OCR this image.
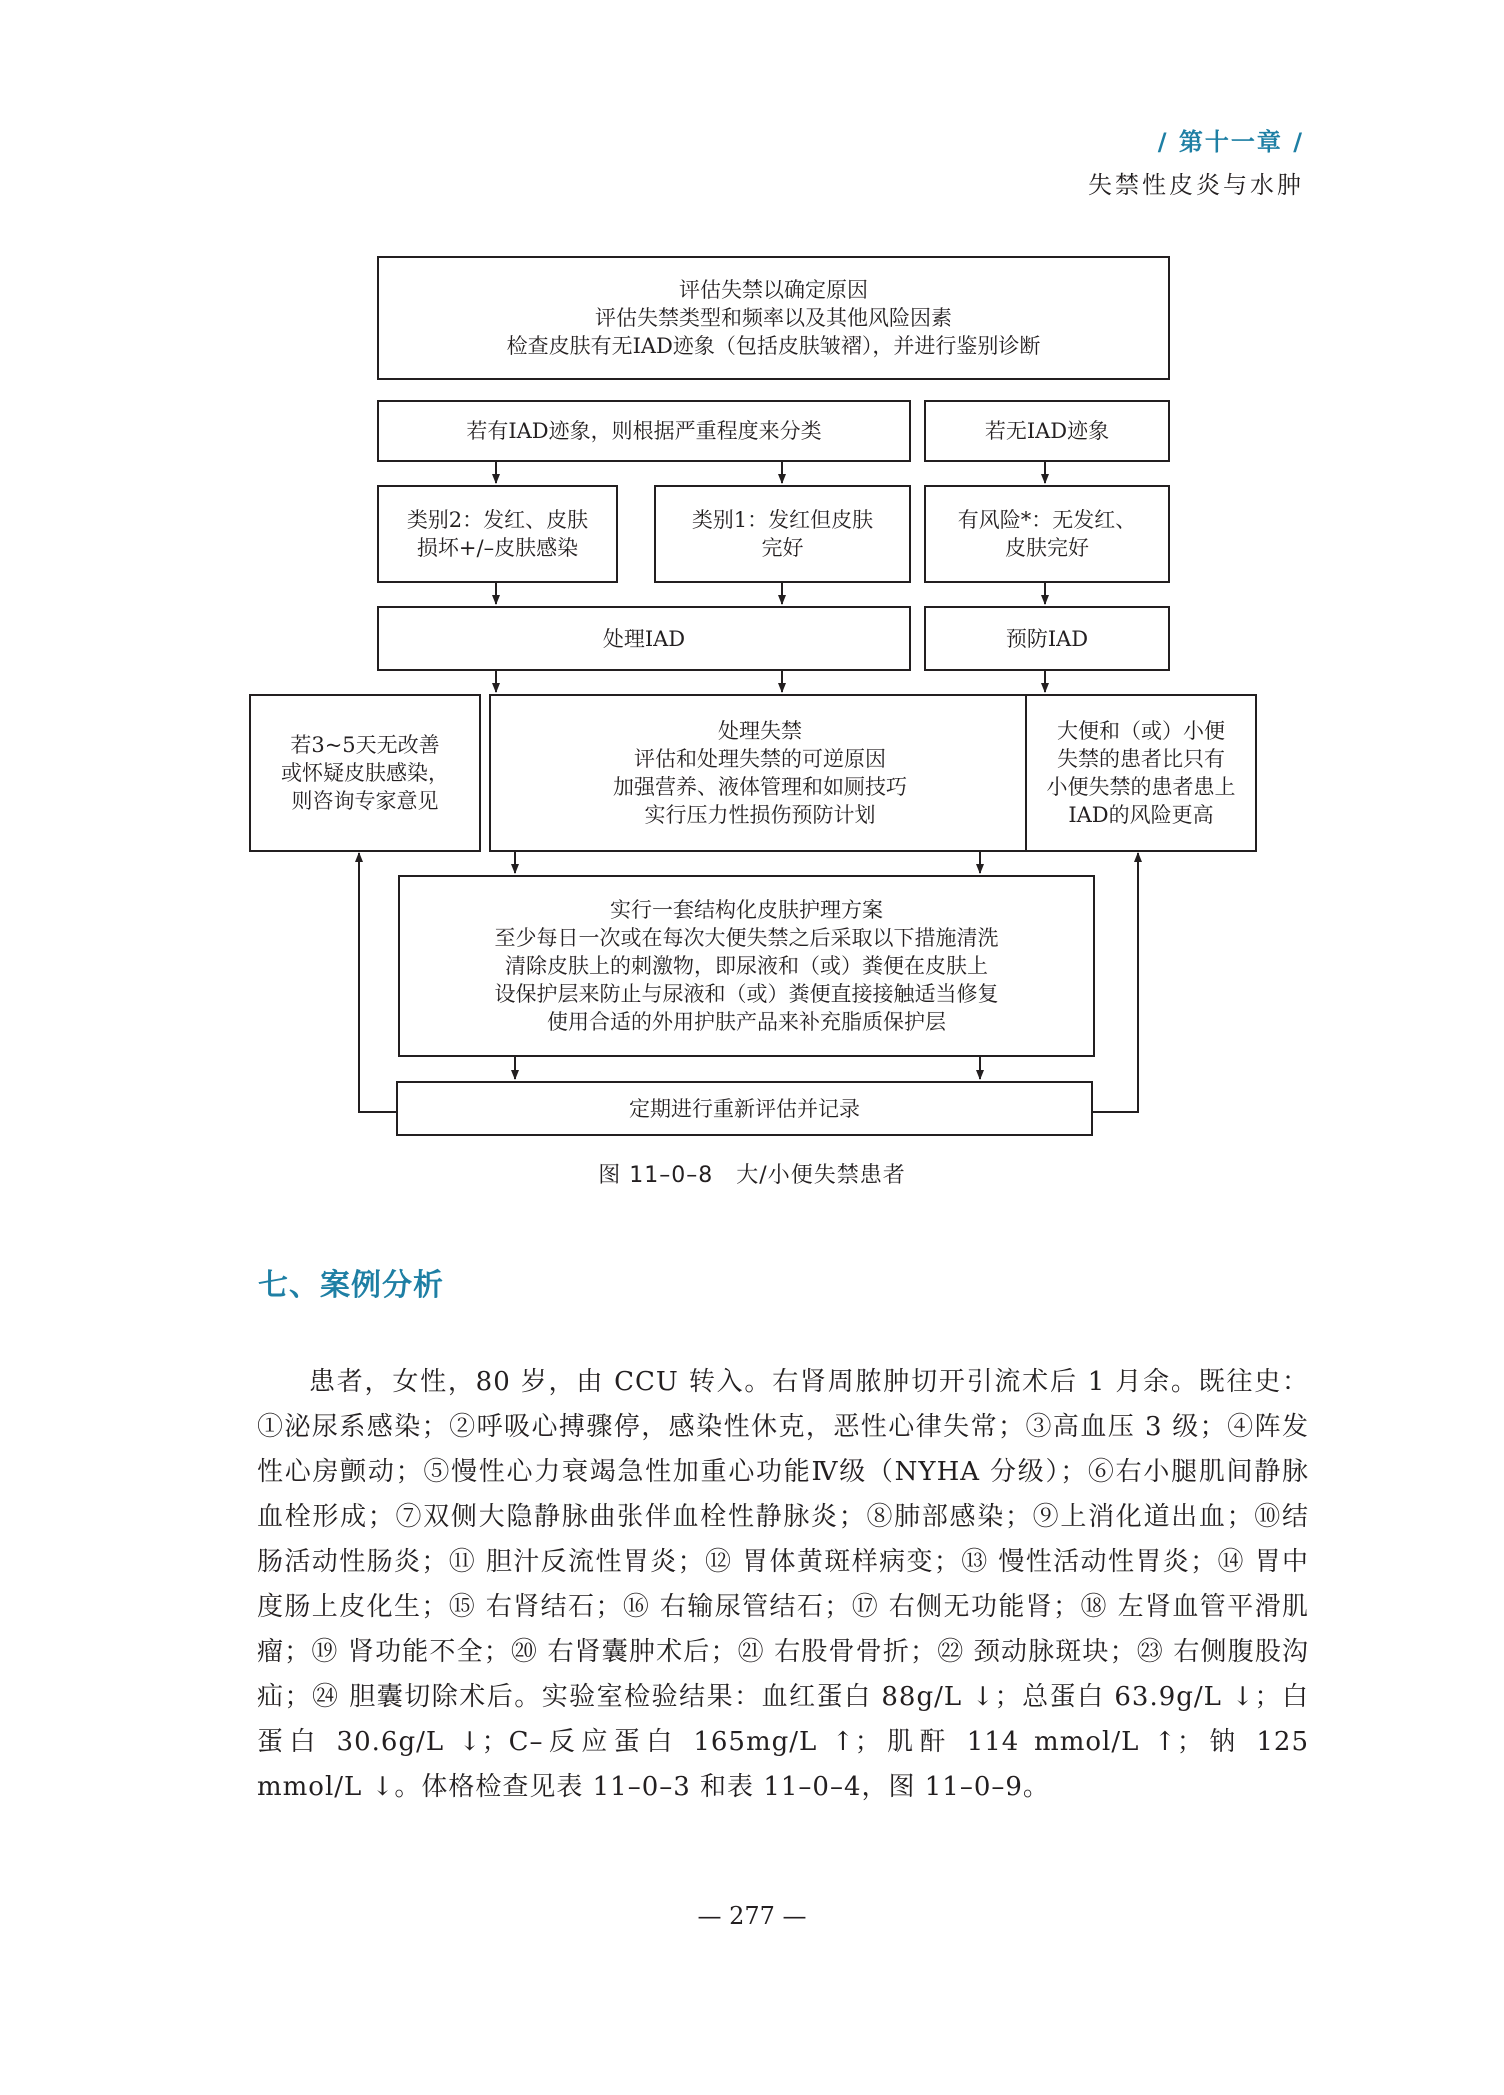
/ 第十一章 /
失禁性皮炎与水肿
评估失禁以确定原因
评估失禁类型和频率以及其他风险因素
检查皮肤有无IAD迹象（包括皮肤皱褶），并进行鉴别诊断
若有IAD迹象，则根据严重程度来分类	若无IAD迹象
类别2：发红、皮肤
损坏+/–皮肤感染
类别1：发红但皮肤
完好
有风险*：无发红、
皮肤完好
处理IAD	预防IAD
若3~5天无改善
或怀疑皮肤感染，
则咨询专家意见
处理失禁
评估和处理失禁的可逆原因
加强营养、液体管理和如厕技巧
实行压力性损伤预防计划
大便和（或）小便
失禁的患者比只有
小便失禁的患者患上
IAD的风险更高
实行一套结构化皮肤护理方案
至少每日一次或在每次大便失禁之后采取以下措施清洗
清除皮肤上的刺激物，即尿液和（或）粪便在皮肤上
设保护层来防止与尿液和（或）粪便直接接触适当修复
使用合适的外用护肤产品来补充脂质保护层
定期进行重新评估并记录
图 11–0–8　大/小便失禁患者
七、案例分析

患者，女性，80 岁，由 CCU 转入。右肾周脓肿切开引流术后 1 月余。既往史：①泌尿系感染；②呼吸心搏骤停，感染性休克，恶性心律失常；③高血压 3 级；④阵发性心房颤动；⑤慢性心力衰竭急性加重心功能Ⅳ级（NYHA 分级）；⑥右小腿肌间静脉血栓形成；⑦双侧大隐静脉曲张伴血栓性静脉炎；⑧肺部感染；⑨上消化道出血；⑩结肠活动性肠炎；⑪ 胆汁反流性胃炎；⑫ 胃体黄斑样病变；⑬ 慢性活动性胃炎；⑭ 胃中度肠上皮化生；⑮ 右肾结石；⑯ 右输尿管结石；⑰ 右侧无功能肾；⑱ 左肾血管平滑肌瘤；⑲ 肾功能不全；⑳ 右肾囊肿术后；㉑ 右股骨骨折；㉒ 颈动脉斑块；㉓ 右侧腹股沟疝；㉔ 胆囊切除术后。实验室检验结果：血红蛋白 88g/L ↓；总蛋白 63.9g/L ↓；白蛋白 30.6g/L ↓；C–反应蛋白 165mg/L ↑；肌酐 114 mmol/L ↑；钠 125 mmol/L ↓。体格检查见表 11–0–3 和表 11–0–4，图 11–0–9。

— 277 —
